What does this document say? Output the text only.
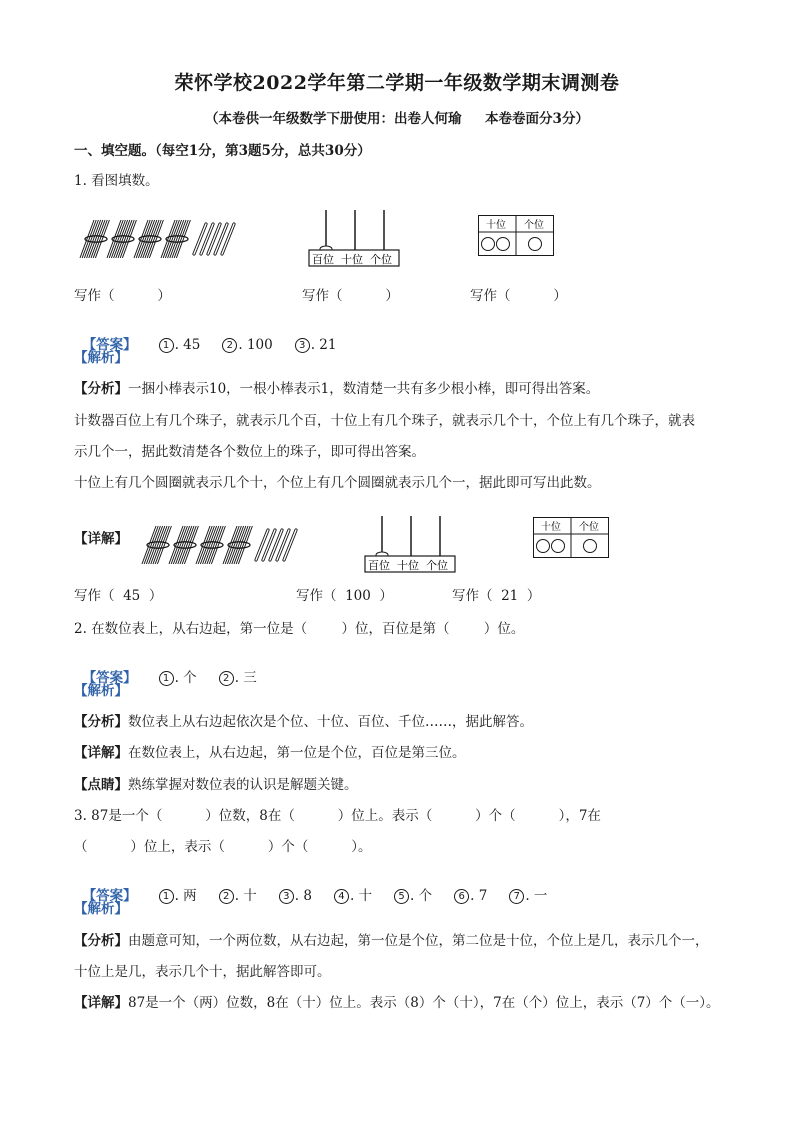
荣怀学校2022学年第二学期一年级数学期末调测卷
（本卷供一年级数学下册使用：出卷人何瑜     本卷卷面分3分）
一、填空题。（每空1分，第3题5分，总共30分）
1. 看图填数。
百位 十位 个位
十位 个位
写作（          ）	写作（          ）	写作（          ）

【答案】	1 . 45	2 . 100	3 . 21

【解析】
【分析】一捆小棒表示10，一根小棒表示1，数清楚一共有多少根小棒，即可得出答案。
计数器百位上有几个珠子，就表示几个百，十位上有几个珠子，就表示几个十，个位上有几个珠子，就表
示几个一，据此数清楚各个数位上的珠子，即可得出答案。
十位上有几个圆圈就表示几个十，个位上有几个圆圈就表示几个一，据此即可写出此数。
【详解】
百位 十位 个位
十位 个位
写作（  45  ）	写作（  100  ）	写作（  21  ）
2. 在数位表上，从右边起，第一位是（        ）位，百位是第（        ）位。

【答案】	1 . 个	2 . 三

【解析】
【分析】数位表上从右边起依次是个位、十位、百位、千位……，据此解答。
【详解】在数位表上，从右边起，第一位是个位，百位是第三位。
【点睛】熟练掌握对数位表的认识是解题关键。
3. 87是一个（          ）位数，8在（          ）位上。表示（          ）个（          ），7在
（          ）位上，表示（          ）个（          ）。

【答案】	1 . 两	2 . 十	3 . 8	4 . 十	5 . 个	6 . 7	7 . 一

【解析】
【分析】由题意可知，一个两位数，从右边起，第一位是个位，第二位是十位，个位上是几，表示几个一，
十位上是几，表示几个十，据此解答即可。
【详解】87是一个（两）位数，8在（十）位上。表示（8）个（十），7在（个）位上，表示（7）个（一）。
